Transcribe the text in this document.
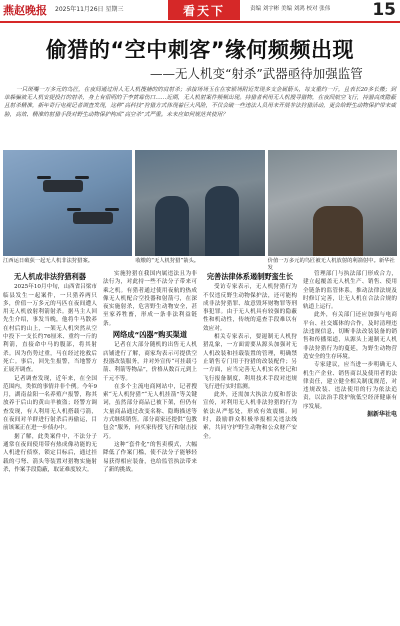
燕赵晚报 2025年11月26日 星期三	看天下	责编 刘宇彬 美编 刘鸿 校对 张伟 15
偷猎的“空中刺客”缘何频频出现
——无人机变“射杀”武器亟待加强监管
一只斑嘴一万多元的鸟匠，在夜间通过用人无人机搜捕的的肩射杀；承接场场玉在在家锁场附近发现多支金属箭头，每支重约一斤，且表长20多长搬；到单躲骗被无人机安提投打的射杀，身上有很明的于李黄霉伤口……近期，无人机射案件频频出现。持猎者利用无人机搜寻猎物，在夜间航空飞行，持猎高度隐蔽且射杀精准，新年奇行电视记者调查发现，这种“高科技”狩猎方式体现着巨大风险，不仅会破一些违法人员用来开展非法狩猎活动，更会给野生动物保护带来威胁，高效、精准的射猎手段对野生动物保护构成“高空杀”式严重。未来应如何规范其使用？
江西运日破获一起无人机非法狩猎案。	收缴的“无人机狩猎”箭头。	价值一万多元的鸟匠被无人机放射的利箭射中。新华社发
无人机成非法狩猎利器

2025年10月中旬，山西省吕梁市临县发生一起案件，一只猎养两只多，价值一万多元的马匹在夜间遭人用无人机放射利箭射杀。据马主人回先生介绍，事发当晚，他将牛马散养在村后的山上，一架无人机突然从空中投下一支长约76厘米、重约一斤的利箭，直接命中马的腹部，将其射杀。因为伤势过重，马在经过抢救后死亡。事后，回先生报警，当地警方正展开调查。

记者调查发现，近年来，在全国范围内，类似的事情并非个例。今年9月，湖南益阳一名养殖户报警，称其放养于后山的黄山羊被盗；经警方调查发现，有人利用无人机搭载弓箭，在夜间对羊群进行射杀后再偷运，目前该案正在进一步侦办中。

据了解，此类案件中，不法分子通常在夜间使用带有热成像功能的无人机进行侦察，锁定目标后，通过挂载的弓弩、箭头等装置对猎物实施射杀，作案手段隐蔽，取证难度较大。

实施狩猎在我国内属违法且为非法行为，对此持一些不法分子带来可乘之机。有猎者通过使用夜航的热成像无人机配合空投器和射箭弓，在深夜实施射杀，危害野生动物安全，甚至家养牲畜，形成一条非法利益链条。

网络成“凶器”购买渠道

记者在大部分随机的出售无人机店铺进行了解，商家均表示可提供空投器改装服务，并对外宣传“可挂载弓箭、利箭等物品”，价格从数百元到上千元不等。

在多个主流电商网站中，记者搜索“无人机狩猎”“无人机挂箭”等关键词，虽然部分商品已被下架，但仍有大量商品通过改变名称、隐晦描述等方式继续销售。部分商家还提供“包教包会”服务，向买家传授飞行和射击技巧。

这种“套件化”的售卖模式，大幅降低了作案门槛，使不法分子能够轻易获得相应装备，也给监管执法带来了新的挑战。

完善法律体系遏制野蛮生长

受访专家表示，无人机狩猎行为不仅违反野生动物保护法，还可能构成非法狩猎罪、故意毁坏财物罪等刑事犯罪。由于无人机具有较强的隐蔽性和机动性，传统的巡查手段难以有效应对。

相关专家表示，要遏制无人机狩猎乱象，一方面需要从源头加强对无人机改装和挂载装置的管理，明确禁止销售专门用于狩猎的改装配件；另一方面，应当完善无人机实名登记和飞行报备制度，利用技术手段对违规飞行进行实时监测。

此外，还需加大执法力度和普法宣传，对利用无人机非法狩猎的行为依法从严惩处，形成有效震慑。同时，鼓励群众积极举报相关违法线索，共同守护野生动物和公众财产安全。

管理部门与执法部门形成合力，建立起覆盖无人机生产、销售、使用全链条的监管体系，推动法律法规及时修订完善，让无人机在合法合规的轨道上运行。

此外，有关部门还应加强与电商平台、社交媒体的合作，及时清理违法违规信息，切断非法改装装备的销售和传播渠道，从源头上遏制无人机非法狩猎行为的蔓延，为野生动物营造安全的生存环境。

专家建议，应当进一步明确无人机生产企业、销售商以及使用者的法律责任，建立健全相关制度规范，对违规改装、违法使用的行为依法追责，以法治手段护航低空经济健康有序发展。

据新华社电
